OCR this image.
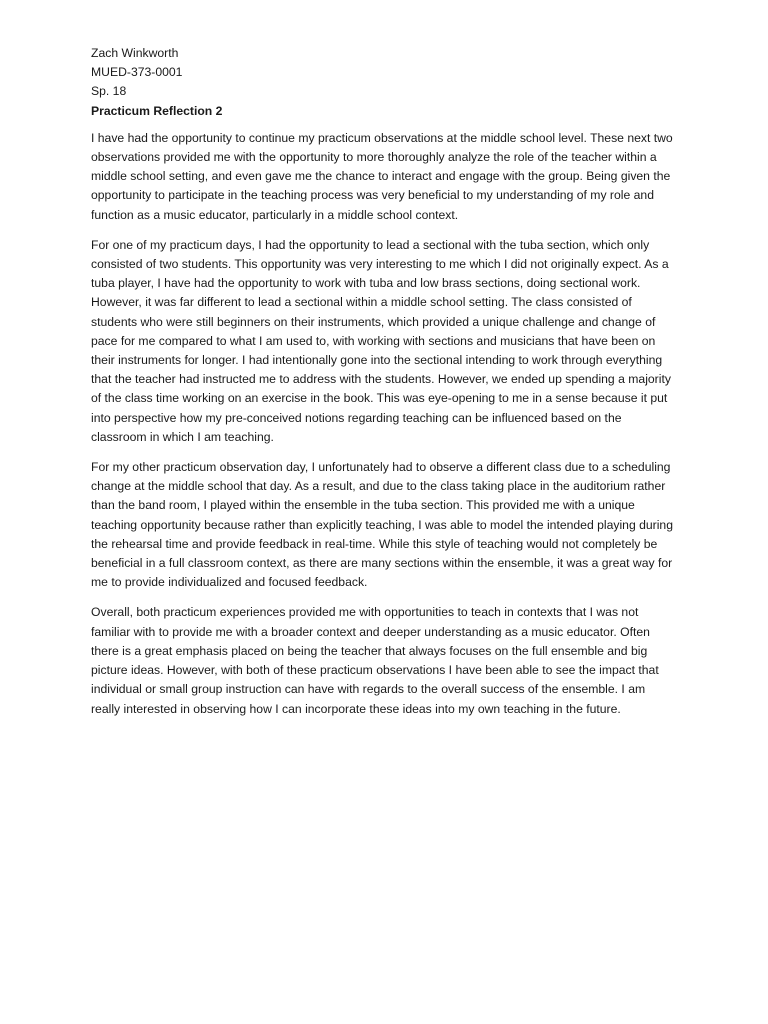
Zach Winkworth
MUED-373-0001
Sp. 18
Practicum Reflection 2

I have had the opportunity to continue my practicum observations at the middle school level. These next two observations provided me with the opportunity to more thoroughly analyze the role of the teacher within a middle school setting, and even gave me the chance to interact and engage with the group. Being given the opportunity to participate in the teaching process was very beneficial to my understanding of my role and function as a music educator, particularly in a middle school context.

For one of my practicum days, I had the opportunity to lead a sectional with the tuba section, which only consisted of two students. This opportunity was very interesting to me which I did not originally expect. As a tuba player, I have had the opportunity to work with tuba and low brass sections, doing sectional work. However, it was far different to lead a sectional within a middle school setting. The class consisted of students who were still beginners on their instruments, which provided a unique challenge and change of pace for me compared to what I am used to, with working with sections and musicians that have been on their instruments for longer. I had intentionally gone into the sectional intending to work through everything that the teacher had instructed me to address with the students. However, we ended up spending a majority of the class time working on an exercise in the book. This was eye-opening to me in a sense because it put into perspective how my pre-conceived notions regarding teaching can be influenced based on the classroom in which I am teaching.

For my other practicum observation day, I unfortunately had to observe a different class due to a scheduling change at the middle school that day. As a result, and due to the class taking place in the auditorium rather than the band room, I played within the ensemble in the tuba section. This provided me with a unique teaching opportunity because rather than explicitly teaching, I was able to model the intended playing during the rehearsal time and provide feedback in real-time. While this style of teaching would not completely be beneficial in a full classroom context, as there are many sections within the ensemble, it was a great way for me to provide individualized and focused feedback.

Overall, both practicum experiences provided me with opportunities to teach in contexts that I was not familiar with to provide me with a broader context and deeper understanding as a music educator. Often there is a great emphasis placed on being the teacher that always focuses on the full ensemble and big picture ideas. However, with both of these practicum observations I have been able to see the impact that individual or small group instruction can have with regards to the overall success of the ensemble. I am really interested in observing how I can incorporate these ideas into my own teaching in the future.
